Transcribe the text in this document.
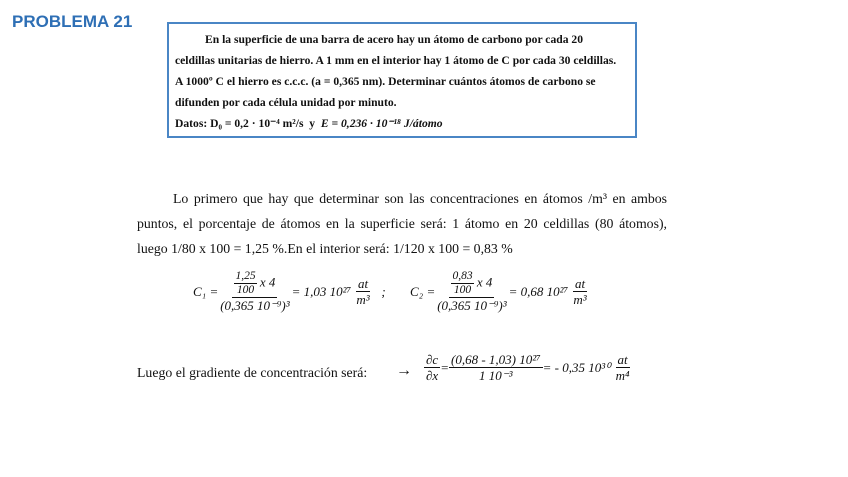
PROBLEMA 21

En la superficie de una barra de acero hay un átomo de carbono por cada 20

celdillas unitarias de hierro. A 1 mm en el interior hay 1 átomo de C por cada 30 celdillas.

A 1000º C el hierro es c.c.c. (a = 0,365 nm). Determinar cuántos átomos de carbono se

difunden por cada célula unidad por minuto.

Datos: D₀ = 0,2 · 10⁻⁴ m²/s y E = 0,236 · 10⁻¹⁸ J/átomo

Lo primero que hay que determinar son las concentraciones en átomos /m³ en ambos puntos, el porcentaje de átomos en la superficie será: 1 átomo en 20 celdillas (80 átomos), luego 1/80 x 100 = 1,25 %.En el interior será: 1/120 x 100 = 0,83 %

$C_1 = \frac{\frac{1,25}{100} x 4}{\text{(0,365 10⁻⁹)³}} = 1,03$ 10²⁷
$\frac{at}{\text{m³}}$
; $C_2 = \frac{\frac{0,83}{100} x 4}{\text{(0,365 10⁻⁹)³}} = 0,68$ 10²⁷
$\frac{at}{\text{m³}}$
Luego el gradiente de concentración será: → $\frac{\partial c}{\partial x} = \frac{\text{(0,68 - 1,03) 10²⁷}}{\text{1 10⁻³}}$ = - 0,35 10³⁰
$\frac{at}{\text{m⁴}}$
